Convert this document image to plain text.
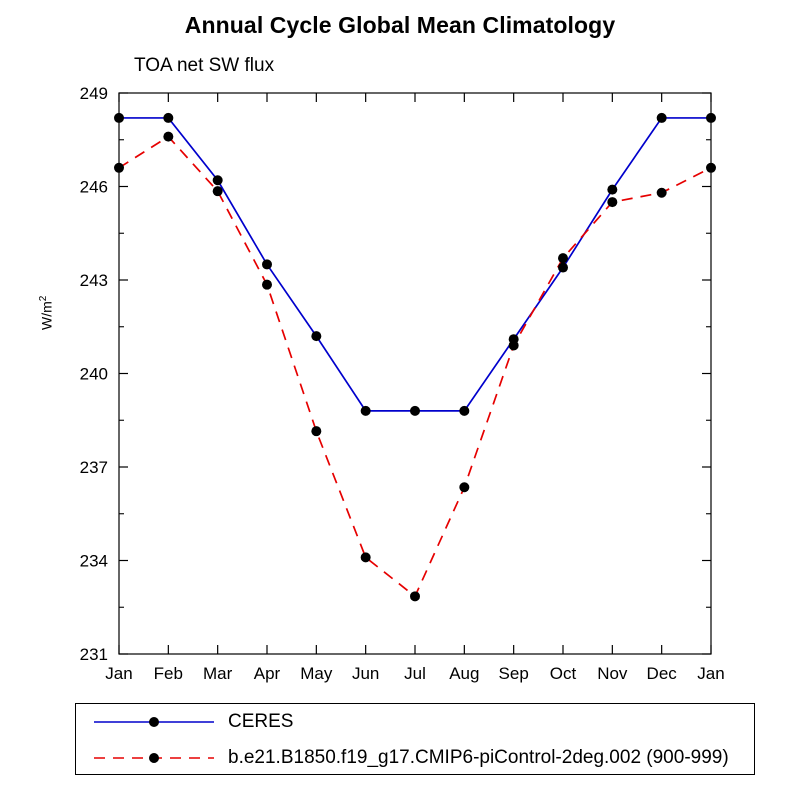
Annual Cycle Global Mean Climatology
TOA net SW flux
$W/m^2$
231
234
237
240
243
246
249
Jan Feb Mar Apr May Jun Jul Aug Sep Oct Nov Dec Jan
CERES
b.e21.B1850.f19_g17.CMIP6-piControl-2deg.002 (900-999)
